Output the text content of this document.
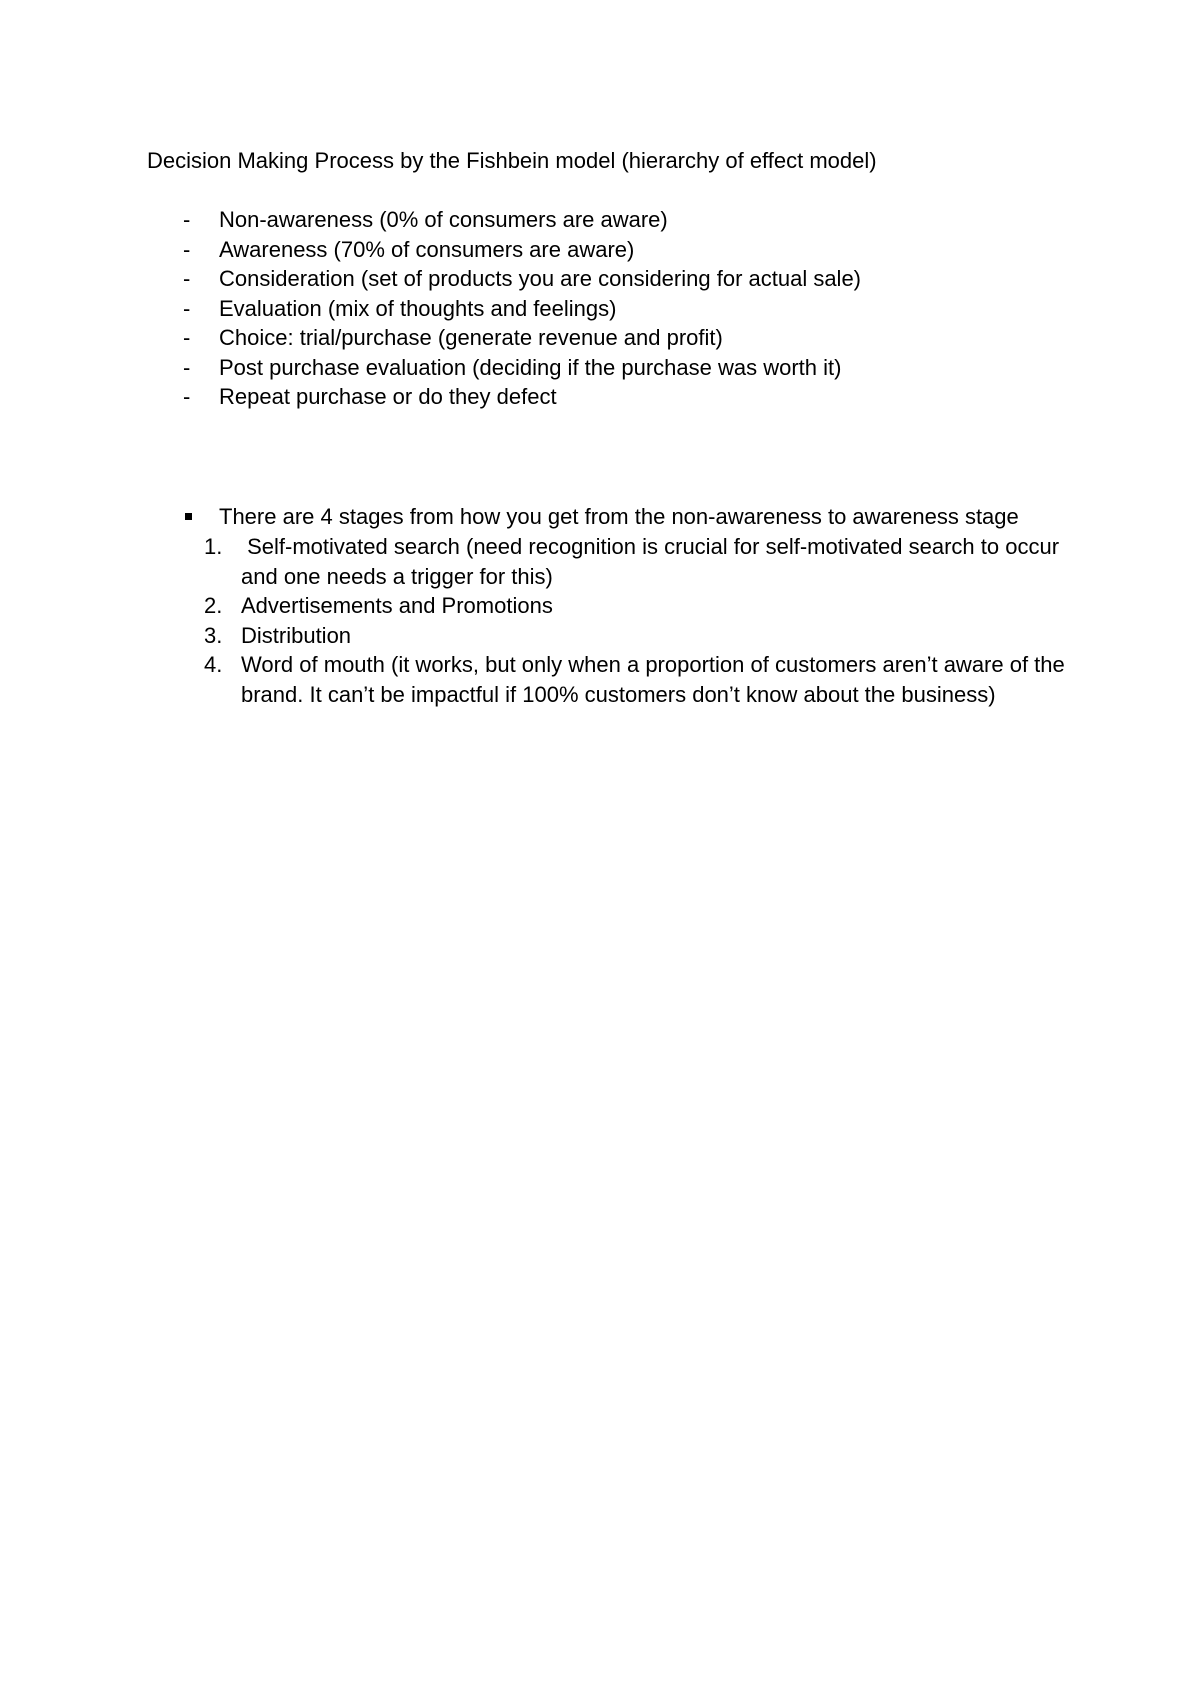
Decision Making Process by the Fishbein model (hierarchy of effect model)
-	Non-awareness (0% of consumers are aware)
-	Awareness (70% of consumers are aware)
-	Consideration (set of products you are considering for actual sale)
-	Evaluation (mix of thoughts and feelings)
-	Choice: trial/purchase (generate revenue and profit)
-	Post purchase evaluation (deciding if the purchase was worth it)
-	Repeat purchase or do they defect
There are 4 stages from how you get from the non-awareness to awareness stage
1. Self-motivated search (need recognition is crucial for self-motivated search to occur and one needs a trigger for this)
2. Advertisements and Promotions
3. Distribution
4. Word of mouth (it works, but only when a proportion of customers aren’t aware of the brand. It can’t be impactful if 100% customers don’t know about the business)
